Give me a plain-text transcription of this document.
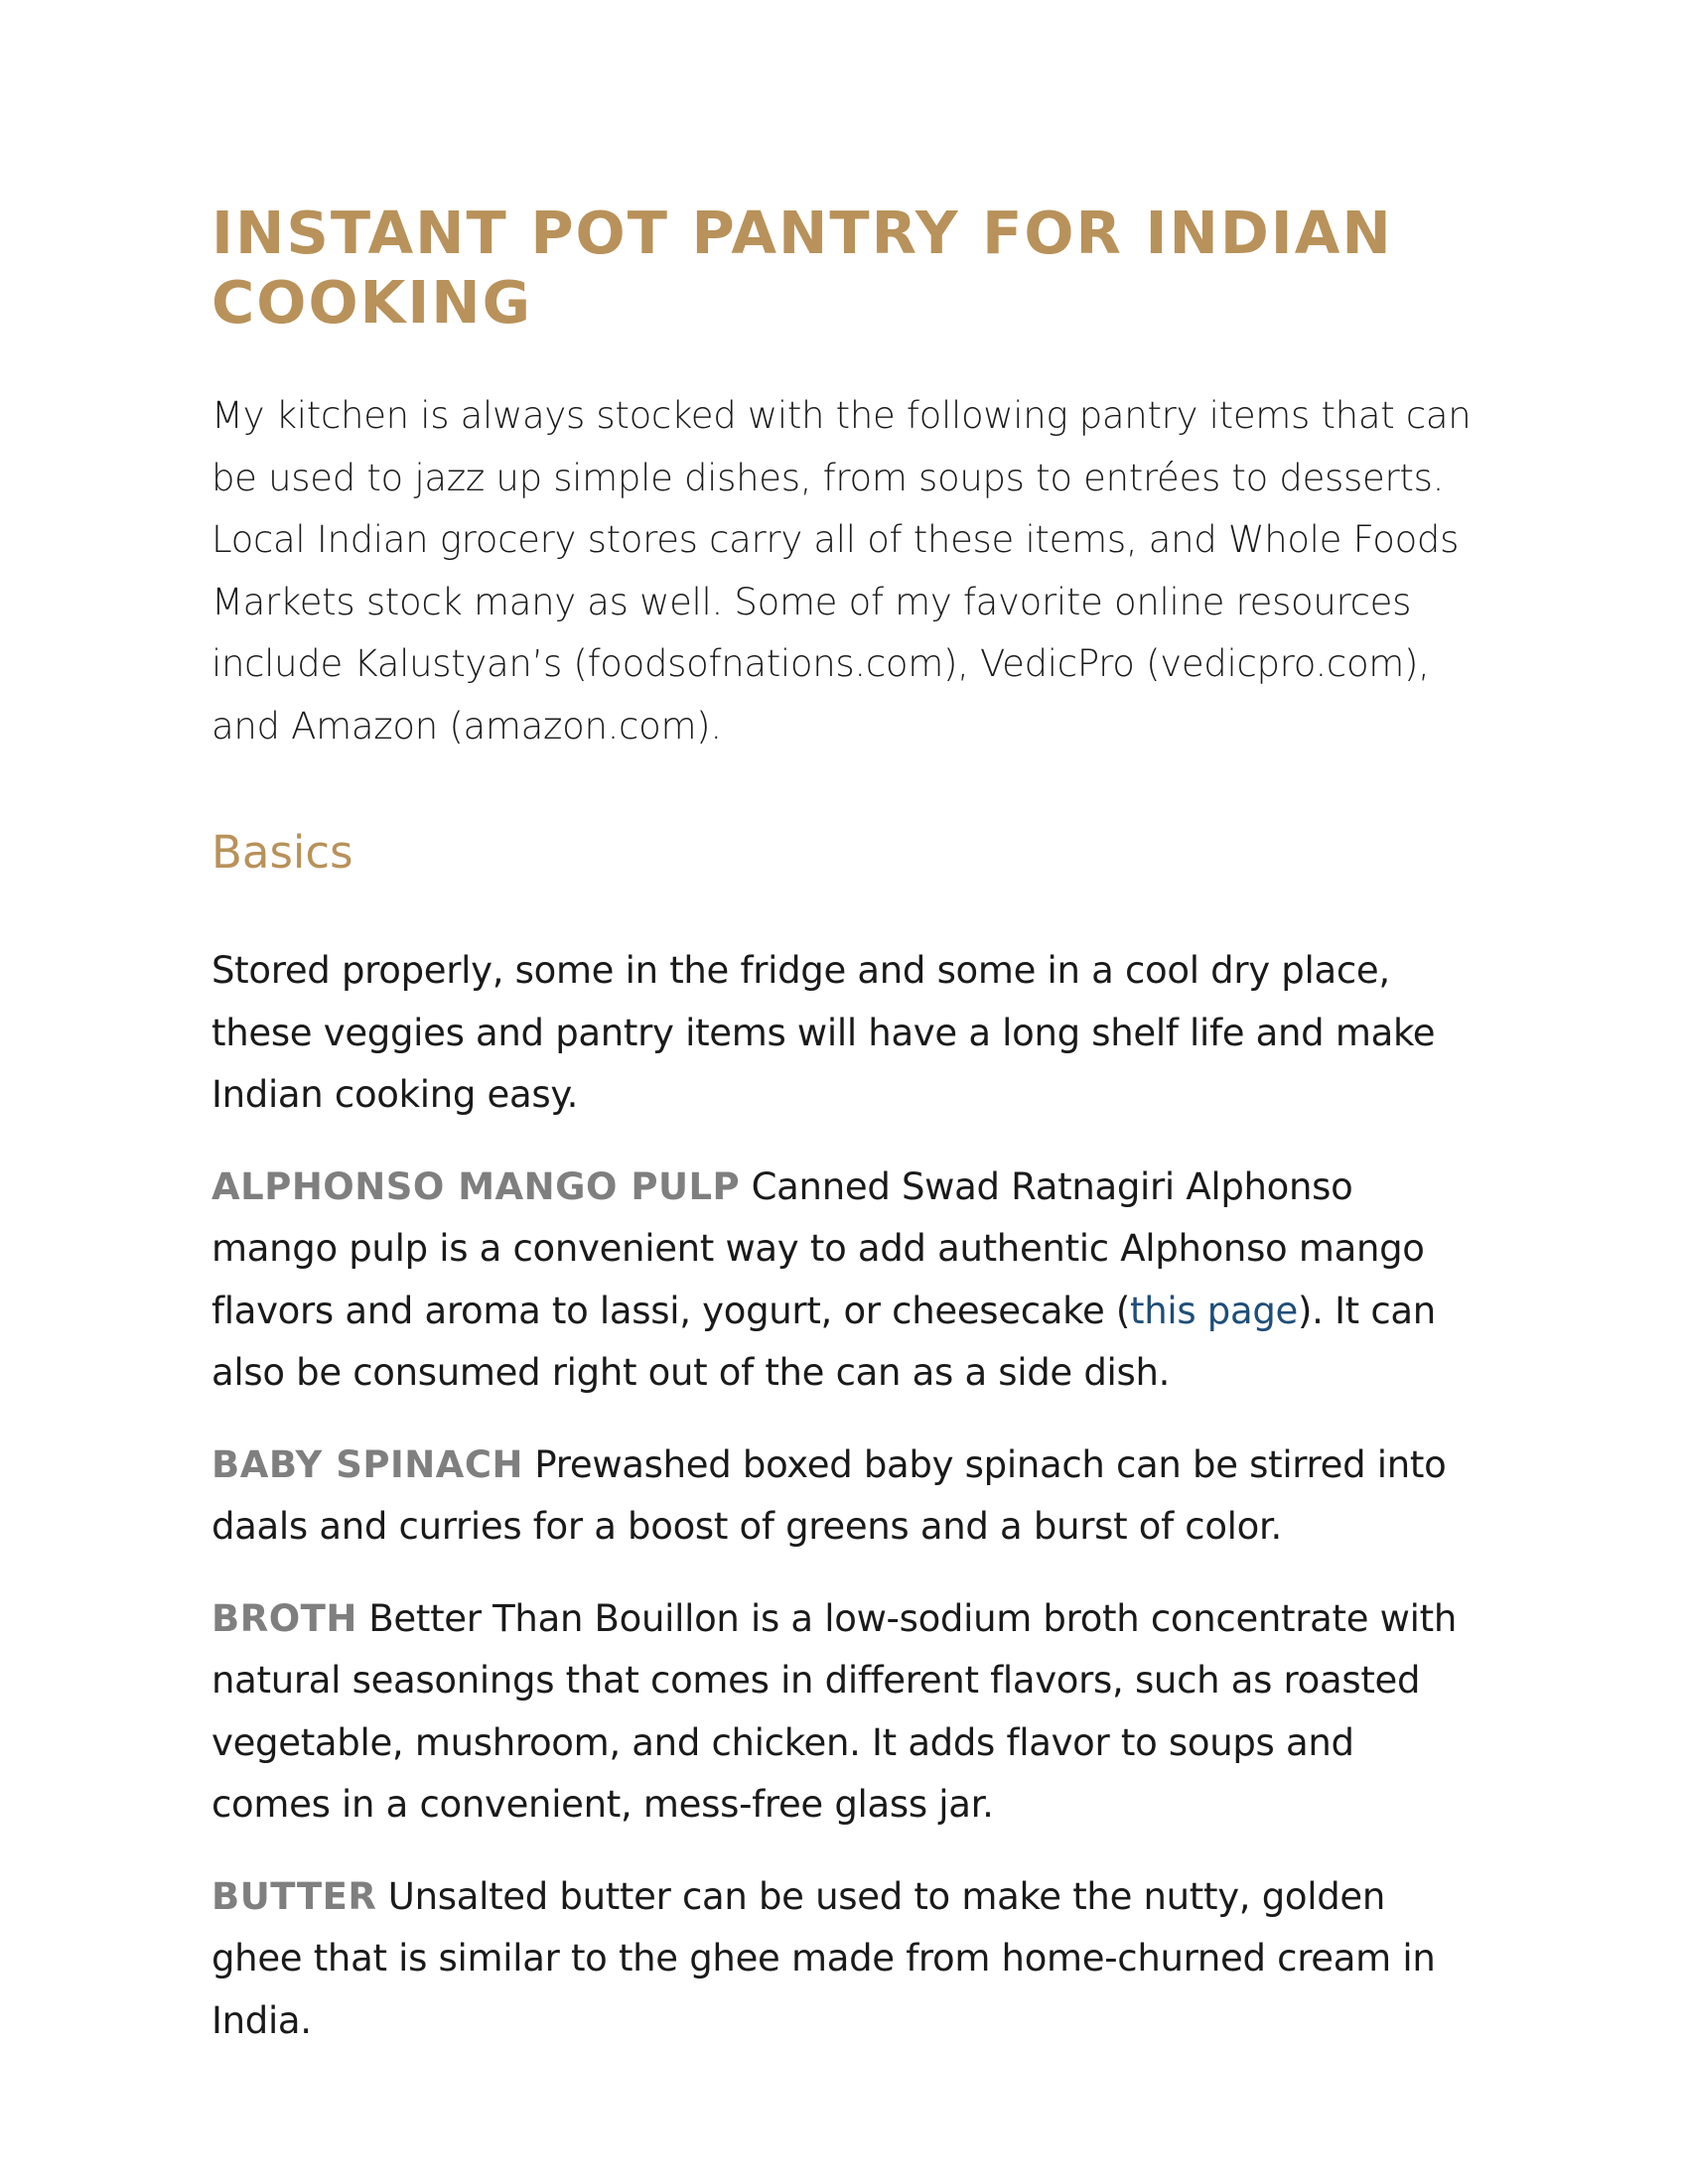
INSTANT POT PANTRY FOR INDIAN COOKING

My kitchen is always stocked with the following pantry items that can be used to jazz up simple dishes, from soups to entrées to desserts. Local Indian grocery stores carry all of these items, and Whole Foods Markets stock many as well. Some of my favorite online resources include Kalustyan’s (foodsofnations.com), VedicPro (vedicpro.com), and Amazon (amazon.com).

Basics

Stored properly, some in the fridge and some in a cool dry place, these veggies and pantry items will have a long shelf life and make Indian cooking easy.

ALPHONSO MANGO PULP Canned Swad Ratnagiri Alphonso mango pulp is a convenient way to add authentic Alphonso mango flavors and aroma to lassi, yogurt, or cheesecake (this page). It can also be consumed right out of the can as a side dish.

BABY SPINACH Prewashed boxed baby spinach can be stirred into daals and curries for a boost of greens and a burst of color.

BROTH Better Than Bouillon is a low-sodium broth concentrate with natural seasonings that comes in different flavors, such as roasted vegetable, mushroom, and chicken. It adds flavor to soups and comes in a convenient, mess-free glass jar.

BUTTER Unsalted butter can be used to make the nutty, golden ghee that is similar to the ghee made from home-churned cream in India.
